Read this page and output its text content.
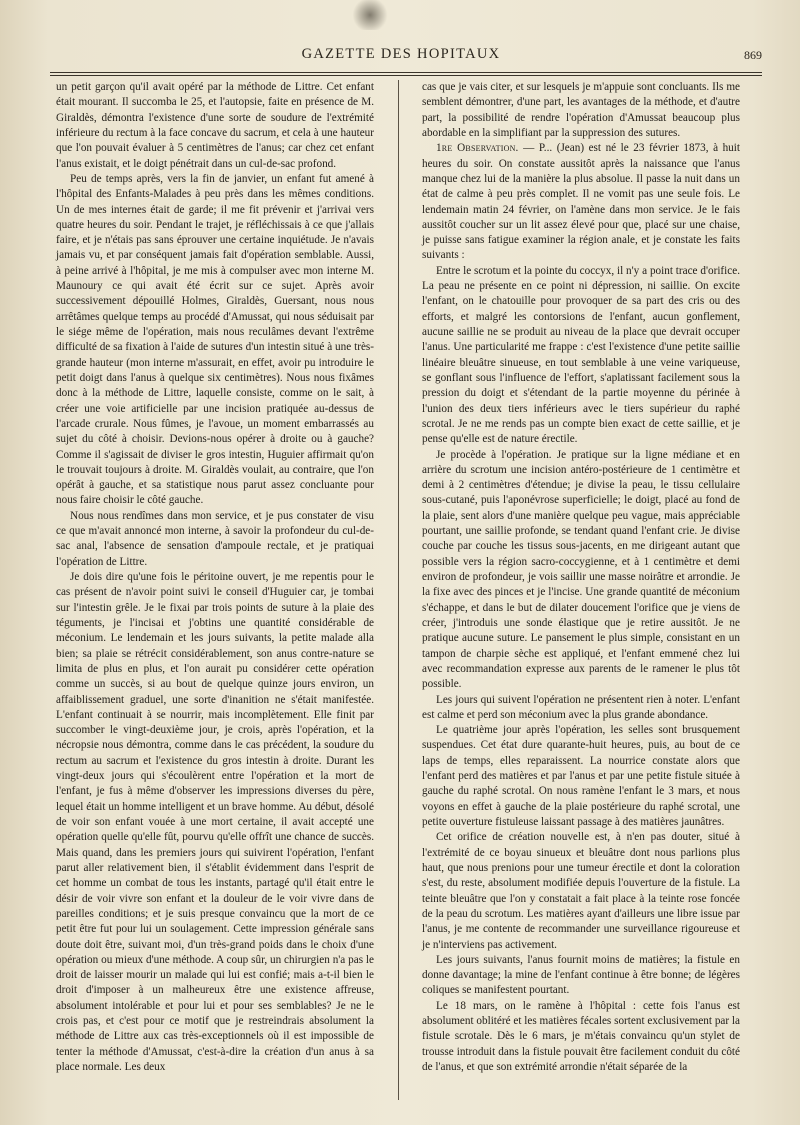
GAZETTE DES HOPITAUX	869

un petit garçon qu'il avait opéré par la méthode de Littre. Cet enfant était mourant. Il succomba le 25, et l'autopsie, faite en présence de M. Giraldès, démontra l'existence d'une sorte de soudure de l'extrémité inférieure du rectum à la face concave du sacrum, et cela à une hauteur que l'on pouvait évaluer à 5 centimètres de l'anus; car chez cet enfant l'anus existait, et le doigt pénétrait dans un cul-de-sac profond.

Peu de temps après, vers la fin de janvier, un enfant fut amené à l'hôpital des Enfants-Malades à peu près dans les mêmes conditions. Un de mes internes était de garde; il me fit prévenir et j'arrivai vers quatre heures du soir. Pendant le trajet, je réfléchissais à ce que j'allais faire, et je n'étais pas sans éprouver une certaine inquiétude. Je n'avais jamais vu, et par conséquent jamais fait d'opération semblable. Aussi, à peine arrivé à l'hôpital, je me mis à compulser avec mon interne M. Maunoury ce qui avait été écrit sur ce sujet. Après avoir successivement dépouillé Holmes, Giraldès, Guersant, nous nous arrêtâmes quelque temps au procédé d'Amussat, qui nous séduisait par le siége même de l'opération, mais nous reculâmes devant l'extrême difficulté de sa fixation à l'aide de sutures d'un intestin situé à une très-grande hauteur (mon interne m'assurait, en effet, avoir pu introduire le petit doigt dans l'anus à quelque six centimètres). Nous nous fixâmes donc à la méthode de Littre, laquelle consiste, comme on le sait, à créer une voie artificielle par une incision pratiquée au-dessus de l'arcade crurale. Nous fûmes, je l'avoue, un moment embarrassés au sujet du côté à choisir. Devions-nous opérer à droite ou à gauche? Comme il s'agissait de diviser le gros intestin, Huguier affirmait qu'on le trouvait toujours à droite. M. Giraldès voulait, au contraire, que l'on opérât à gauche, et sa statistique nous parut assez concluante pour nous faire choisir le côté gauche.

Nous nous rendîmes dans mon service, et je pus constater de visu ce que m'avait annoncé mon interne, à savoir la profondeur du cul-de-sac anal, l'absence de sensation d'ampoule rectale, et je pratiquai l'opération de Littre.

Je dois dire qu'une fois le péritoine ouvert, je me repentis pour le cas présent de n'avoir point suivi le conseil d'Huguier car, je tombai sur l'intestin grêle. Je le fixai par trois points de suture à la plaie des téguments, je l'incisai et j'obtins une quantité considérable de méconium. Le lendemain et les jours suivants, la petite malade alla bien; sa plaie se rétrécit considérablement, son anus contre-nature se limita de plus en plus, et l'on aurait pu considérer cette opération comme un succès, si au bout de quelque quinze jours environ, un affaiblissement graduel, une sorte d'inanition ne s'était manifestée. L'enfant continuait à se nourrir, mais incomplètement. Elle finit par succomber le vingt-deuxième jour, je crois, après l'opération, et la nécropsie nous démontra, comme dans le cas précédent, la soudure du rectum au sacrum et l'existence du gros intestin à droite. Durant les vingt-deux jours qui s'écoulèrent entre l'opération et la mort de l'enfant, je fus à même d'observer les impressions diverses du père, lequel était un homme intelligent et un brave homme. Au début, désolé de voir son enfant vouée à une mort certaine, il avait accepté une opération quelle qu'elle fût, pourvu qu'elle offrît une chance de succès. Mais quand, dans les premiers jours qui suivirent l'opération, l'enfant parut aller relativement bien, il s'établit évidemment dans l'esprit de cet homme un combat de tous les instants, partagé qu'il était entre le désir de voir vivre son enfant et la douleur de le voir vivre dans de pareilles conditions; et je suis presque convaincu que la mort de ce petit être fut pour lui un soulagement. Cette impression générale sans doute doit être, suivant moi, d'un très-grand poids dans le choix d'une opération ou mieux d'une méthode. A coup sûr, un chirurgien n'a pas le droit de laisser mourir un malade qui lui est confié; mais a-t-il bien le droit d'imposer à un malheureux être une existence affreuse, absolument intolérable et pour lui et pour ses semblables? Je ne le crois pas, et c'est pour ce motif que je restreindrais absolument la méthode de Littre aux cas très-exceptionnels où il est impossible de tenter la méthode d'Amussat, c'est-à-dire la création d'un anus à sa place normale. Les deux

cas que je vais citer, et sur lesquels je m'appuie sont concluants. Ils me semblent démontrer, d'une part, les avantages de la méthode, et d'autre part, la possibilité de rendre l'opération d'Amussat beaucoup plus abordable en la simplifiant par la suppression des sutures.

1re Observation. — P... (Jean) est né le 23 février 1873, à huit heures du soir. On constate aussitôt après la naissance que l'anus manque chez lui de la manière la plus absolue. Il passe la nuit dans un état de calme à peu près complet. Il ne vomit pas une seule fois. Le lendemain matin 24 février, on l'amène dans mon service. Je le fais aussitôt coucher sur un lit assez élevé pour que, placé sur une chaise, je puisse sans fatigue examiner la région anale, et je constate les faits suivants :

Entre le scrotum et la pointe du coccyx, il n'y a point trace d'orifice. La peau ne présente en ce point ni dépression, ni saillie. On excite l'enfant, on le chatouille pour provoquer de sa part des cris ou des efforts, et malgré les contorsions de l'enfant, aucun gonflement, aucune saillie ne se produit au niveau de la place que devrait occuper l'anus. Une particularité me frappe : c'est l'existence d'une petite saillie linéaire bleuâtre sinueuse, en tout semblable à une veine variqueuse, se gonflant sous l'influence de l'effort, s'aplatissant facilement sous la pression du doigt et s'étendant de la partie moyenne du périnée à l'union des deux tiers inférieurs avec le tiers supérieur du raphé scrotal. Je ne me rends pas un compte bien exact de cette saillie, et je pense qu'elle est de nature érectile.

Je procède à l'opération. Je pratique sur la ligne médiane et en arrière du scrotum une incision antéro-postérieure de 1 centimètre et demi à 2 centimètres d'étendue; je divise la peau, le tissu cellulaire sous-cutané, puis l'aponévrose superficielle; le doigt, placé au fond de la plaie, sent alors d'une manière quelque peu vague, mais appréciable pourtant, une saillie profonde, se tendant quand l'enfant crie. Je divise couche par couche les tissus sous-jacents, en me dirigeant autant que possible vers la région sacro-coccygienne, et à 1 centimètre et demi environ de profondeur, je vois saillir une masse noirâtre et arrondie. Je la fixe avec des pinces et je l'incise. Une grande quantité de méconium s'échappe, et dans le but de dilater doucement l'orifice que je viens de créer, j'introduis une sonde élastique que je retire aussitôt. Je ne pratique aucune suture. Le pansement le plus simple, consistant en un tampon de charpie sèche est appliqué, et l'enfant emmené chez lui avec recommandation expresse aux parents de le ramener le plus tôt possible.

Les jours qui suivent l'opération ne présentent rien à noter. L'enfant est calme et perd son méconium avec la plus grande abondance.

Le quatrième jour après l'opération, les selles sont brusquement suspendues. Cet état dure quarante-huit heures, puis, au bout de ce laps de temps, elles reparaissent. La nourrice constate alors que l'enfant perd des matières et par l'anus et par une petite fistule située à gauche du raphé scrotal. On nous ramène l'enfant le 3 mars, et nous voyons en effet à gauche de la plaie postérieure du raphé scrotal, une petite ouverture fistuleuse laissant passage à des matières jaunâtres.

Cet orifice de création nouvelle est, à n'en pas douter, situé à l'extrémité de ce boyau sinueux et bleuâtre dont nous parlions plus haut, que nous prenions pour une tumeur érectile et dont la coloration s'est, du reste, absolument modifiée depuis l'ouverture de la fistule. La teinte bleuâtre que l'on y constatait a fait place à la teinte rose foncée de la peau du scrotum. Les matières ayant d'ailleurs une libre issue par l'anus, je me contente de recommander une surveillance rigoureuse et je n'interviens pas activement.

Les jours suivants, l'anus fournit moins de matières; la fistule en donne davantage; la mine de l'enfant continue à être bonne; de légères coliques se manifestent pourtant.

Le 18 mars, on le ramène à l'hôpital : cette fois l'anus est absolument oblitéré et les matières fécales sortent exclusivement par la fistule scrotale. Dès le 6 mars, je m'étais convaincu qu'un stylet de trousse introduit dans la fistule pouvait être facilement conduit du côté de l'anus, et que son extrémité arrondie n'était séparée de la
